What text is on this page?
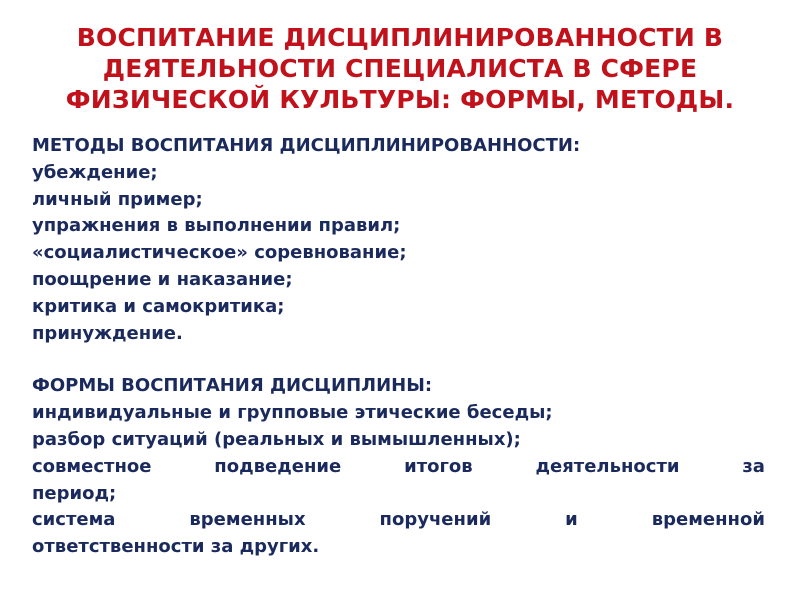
ВОСПИТАНИЕ ДИСЦИПЛИНИРОВАННОСТИ В
ДЕЯТЕЛЬНОСТИ СПЕЦИАЛИСТА В СФЕРЕ
ФИЗИЧЕСКОЙ КУЛЬТУРЫ: ФОРМЫ, МЕТОДЫ.
МЕТОДЫ ВОСПИТАНИЯ ДИСЦИПЛИНИРОВАННОСТИ:
убеждение;
личный пример;
упражнения в выполнении правил;
«социалистическое» соревнование;
поощрение и наказание;
критика и самокритика;
принуждение.
ФОРМЫ ВОСПИТАНИЯ ДИСЦИПЛИНЫ:
индивидуальные и групповые этические беседы;
разбор ситуаций (реальных и вымышленных);
совместное	подведение	итогов	деятельности	за
период;
система	временных	поручений	и	временной
ответственности за других.
